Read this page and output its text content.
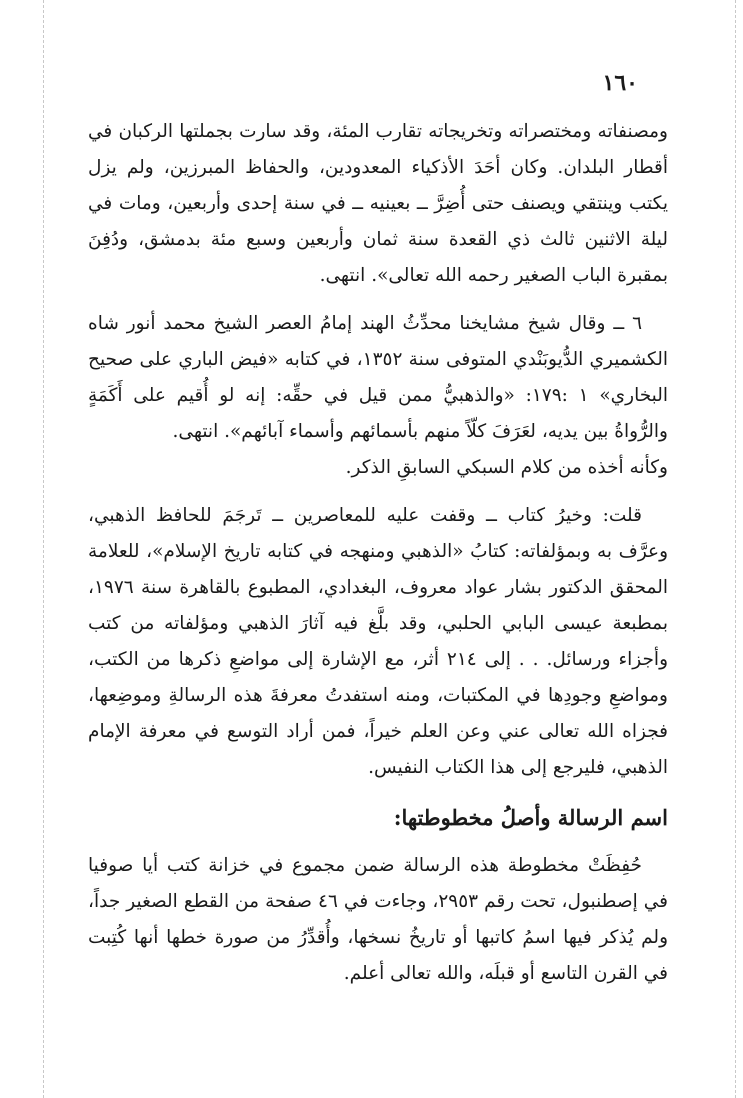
١٦٠

ومصنفاته ومختصراته وتخريجاته تقارب المئة، وقد سارت بجملتها الركبان في أقطار البلدان. وكان أحَدَ الأذكياء المعدودين، والحفاظ المبرزين، ولم يزل يكتب وينتقي ويصنف حتى أُضِرَّ ــ بعينيه ــ في سنة إحدى وأربعين، ومات في ليلة الاثنين ثالث ذي القعدة سنة ثمان وأربعين وسبع مئة بدمشق، ودُفِنَ بمقبرة الباب الصغير رحمه الله تعالى». انتهى.

٦ ــ وقال شيخ مشايخنا محدِّثُ الهند إمامُ العصر الشيخ محمد أنور شاه الكشميري الدُّيوبَنْدي المتوفى سنة ١٣٥٢، في كتابه «فيض الباري على صحيح البخاري» ١ :١٧٩: «والذهبيُّ ممن قيل في حقِّه: إنه لو أُقيم على أَكَمَةٍ والرُّواةُ بين يديه، لعَرَفَ كلّاً منهم بأسمائهم وأسماء آبائهم». انتهى.

وكأنه أخذه من كلام السبكي السابقِ الذكر.

قلت: وخيرُ كتاب ــ وقفت عليه للمعاصرين ــ تَرجَمَ للحافظ الذهبي، وعرَّف به وبمؤلفاته: كتابُ «الذهبي ومنهجه في كتابه تاريخ الإسلام»، للعلامة المحقق الدكتور بشار عواد معروف، البغدادي، المطبوع بالقاهرة سنة ١٩٧٦، بمطبعة عيسى البابي الحلبي، وقد بلَّغ فيه آثارَ الذهبي ومؤلفاته من كتب وأجزاء ورسائل. . . إلى ٢١٤ أثر، مع الإشارة إلى مواضعِ ذكرها من الكتب، ومواضعِ وجودِها في المكتبات، ومنه استفدتُ معرفةَ هذه الرسالةِ وموضِعها، فجزاه الله تعالى عني وعن العلم خيراً، فمن أراد التوسع في معرفة الإمام الذهبي، فليرجع إلى هذا الكتاب النفيس.

اسم الرسالة وأصلُ مخطوطتها:

حُفِظَتْ مخطوطة هذه الرسالة ضمن مجموع في خزانة كتب أيا صوفيا في إصطنبول، تحت رقم ٢٩٥٣، وجاءت في ٤٦ صفحة من القطع الصغير جداً، ولم يُذكر فيها اسمُ كاتبها أو تاريخُ نسخها، وأُقدِّرُ من صورة خطها أنها كُتِبت في القرن التاسع أو قبلَه، والله تعالى أعلم.
